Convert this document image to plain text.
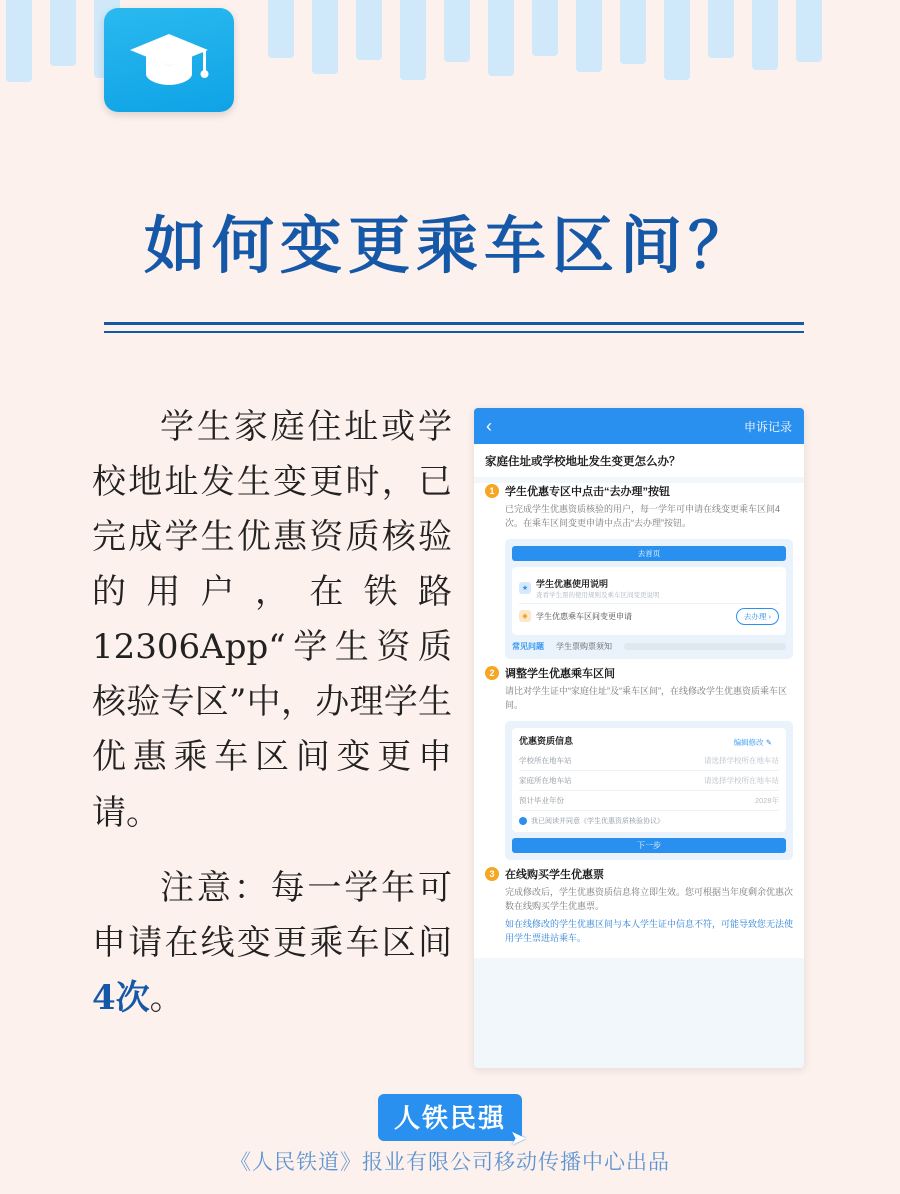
如何变更乘车区间？

学生家庭住址或学校地址发生变更时，已完成学生优惠资质核验的用户，在铁路12306App“学生资质核验专区”中，办理学生优惠乘车区间变更申请。

注意：每一学年可申请在线变更乘车区间4次。

‹	申诉记录
家庭住址或学校地址发生变更怎么办？
1 学生优惠专区中点击“去办理”按钮
已完成学生优惠资质核验的用户，每一学年可申请在线变更乘车区间4次。在乘车区间变更申请中点击“去办理”按钮。
去首页
★ 学生优惠使用说明
查看学生票的使用规则及乘车区间变更说明
◆	学生优惠乘车区间变更申请	去办理 ›
常见问题 学生票购票须知
2 调整学生优惠乘车区间
请比对学生证中“家庭住址”及“乘车区间”，在线修改学生优惠资质乘车区间。
优惠资质信息	编辑修改 ✎
学校所在地车站	请选择学校所在地车站
家庭所在地车站	请选择学校所在地车站
预计毕业年份	2028年
我已阅读并同意《学生优惠资质核验协议》
下一步
3 在线购买学生优惠票
完成修改后，学生优惠资质信息将立即生效。您可根据当年度剩余优惠次数在线购买学生优惠票。
如在线修改的学生优惠区间与本人学生证中信息不符，可能导致您无法使用学生票进站乘车。
人铁民强
➤
《人民铁道》报业有限公司移动传播中心出品
